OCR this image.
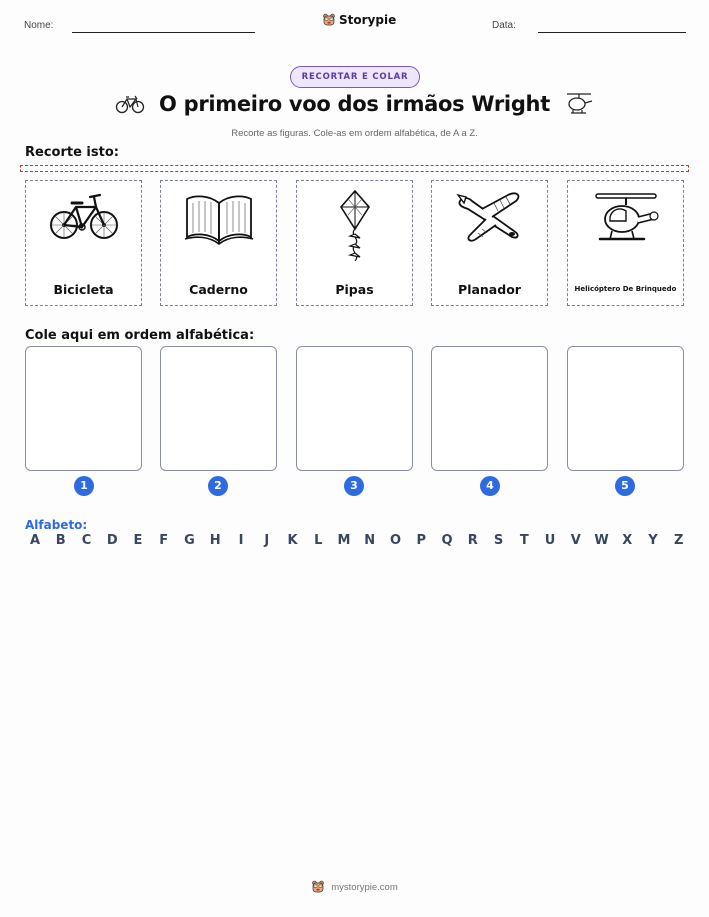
Nome:	Storypie	Data:
RECORTAR E COLAR
O primeiro voo dos irmãos Wright
Recorte as figuras. Cole-as em ordem alfabética, de A a Z.
Recorte isto:
Bicicleta	Caderno	Pipas	Planador	Helicóptero De Brinquedo
Cole aqui em ordem alfabética:
1	2	3	4	5
Alfabeto:
A B C D E F G H	I	J	K L M N O P Q R S T U V W X Y Z
mystorypie.com
